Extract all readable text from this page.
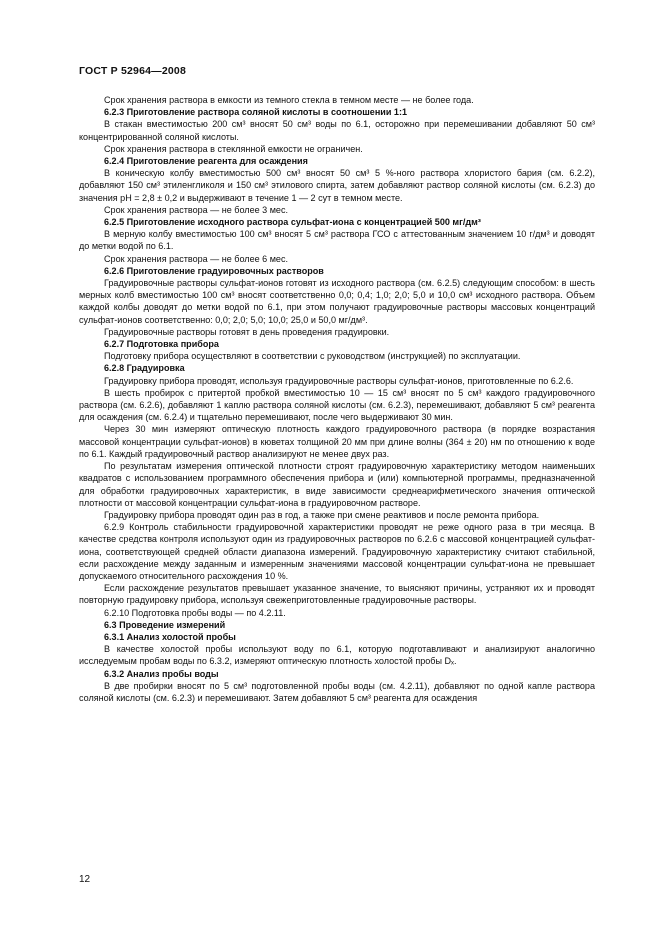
ГОСТ Р 52964—2008

Срок хранения раствора в емкости из темного стекла в темном месте — не более года.

6.2.3 Приготовление раствора соляной кислоты в соотношении 1:1

В стакан вместимостью 200 см³ вносят 50 см³ воды по 6.1, осторожно при перемешивании добавляют 50 см³ концентрированной соляной кислоты.

Срок хранения раствора в стеклянной емкости не ограничен.

6.2.4 Приготовление реагента для осаждения

В коническую колбу вместимостью 500 см³ вносят 50 см³ 5 %-ного раствора хлористого бария (см. 6.2.2), добавляют 150 см³ этиленгликоля и 150 см³ этилового спирта, затем добавляют раствор соляной кислоты (см. 6.2.3) до значения рН = 2,8 ± 0,2 и выдерживают в течение 1 — 2 сут в темном месте.

Срок хранения раствора — не более 3 мес.

6.2.5 Приготовление исходного раствора сульфат-иона с концентрацией 500 мг/дм³

В мерную колбу вместимостью 100 см³ вносят 5 см³ раствора ГСО с аттестованным значением 10 г/дм³ и доводят до метки водой по 6.1.

Срок хранения раствора — не более 6 мес.

6.2.6 Приготовление градуировочных растворов

Градуировочные растворы сульфат-ионов готовят из исходного раствора (см. 6.2.5) следующим способом: в шесть мерных колб вместимостью 100 см³ вносят соответственно 0,0; 0,4; 1,0; 2,0; 5,0 и 10,0 см³ исходного раствора. Объем каждой колбы доводят до метки водой по 6.1, при этом получают градуировочные растворы массовых концентраций сульфат-ионов соответственно: 0,0; 2,0; 5,0; 10,0; 25,0 и 50,0 мг/дм³.

Градуировочные растворы готовят в день проведения градуировки.

6.2.7 Подготовка прибора

Подготовку прибора осуществляют в соответствии с руководством (инструкцией) по эксплуатации.

6.2.8 Градуировка

Градуировку прибора проводят, используя градуировочные растворы сульфат-ионов, приготовленные по 6.2.6.

В шесть пробирок с притертой пробкой вместимостью 10 — 15 см³ вносят по 5 см³ каждого градуировочного раствора (см. 6.2.6), добавляют 1 каплю раствора соляной кислоты (см. 6.2.3), перемешивают, добавляют 5 см³ реагента для осаждения (см. 6.2.4) и тщательно перемешивают, после чего выдерживают 30 мин.

Через 30 мин измеряют оптическую плотность каждого градуировочного раствора (в порядке возрастания массовой концентрации сульфат-ионов) в кюветах толщиной 20 мм при длине волны (364 ± 20) нм по отношению к воде по 6.1. Каждый градуировочный раствор анализируют не менее двух раз.

По результатам измерения оптической плотности строят градуировочную характеристику методом наименьших квадратов с использованием программного обеспечения прибора и (или) компьютерной программы, предназначенной для обработки градуировочных характеристик, в виде зависимости среднеарифметического значения оптической плотности от массовой концентрации сульфат-иона в градуировочном растворе.

Градуировку прибора проводят один раз в год, а также при смене реактивов и после ремонта прибора.

6.2.9 Контроль стабильности градуировочной характеристики проводят не реже одного раза в три месяца. В качестве средства контроля используют один из градуировочных растворов по 6.2.6 с массовой концентрацией сульфат-иона, соответствующей средней области диапазона измерений. Градуировочную характеристику считают стабильной, если расхождение между заданным и измеренным значениями массовой концентрации сульфат-иона не превышает допускаемого относительного расхождения 10 %.

Если расхождение результатов превышает указанное значение, то выясняют причины, устраняют их и проводят повторную градуировку прибора, используя свежеприготовленные градуировочные растворы.

6.2.10 Подготовка пробы воды — по 4.2.11.

6.3 Проведение измерений

6.3.1 Анализ холостой пробы

В качестве холостой пробы используют воду по 6.1, которую подготавливают и анализируют аналогично исследуемым пробам воды по 6.3.2, измеряют оптическую плотность холостой пробы Dₓ.

6.3.2 Анализ пробы воды

В две пробирки вносят по 5 см³ подготовленной пробы воды (см. 4.2.11), добавляют по одной капле раствора соляной кислоты (см. 6.2.3) и перемешивают. Затем добавляют 5 см³ реагента для осаждения

12
